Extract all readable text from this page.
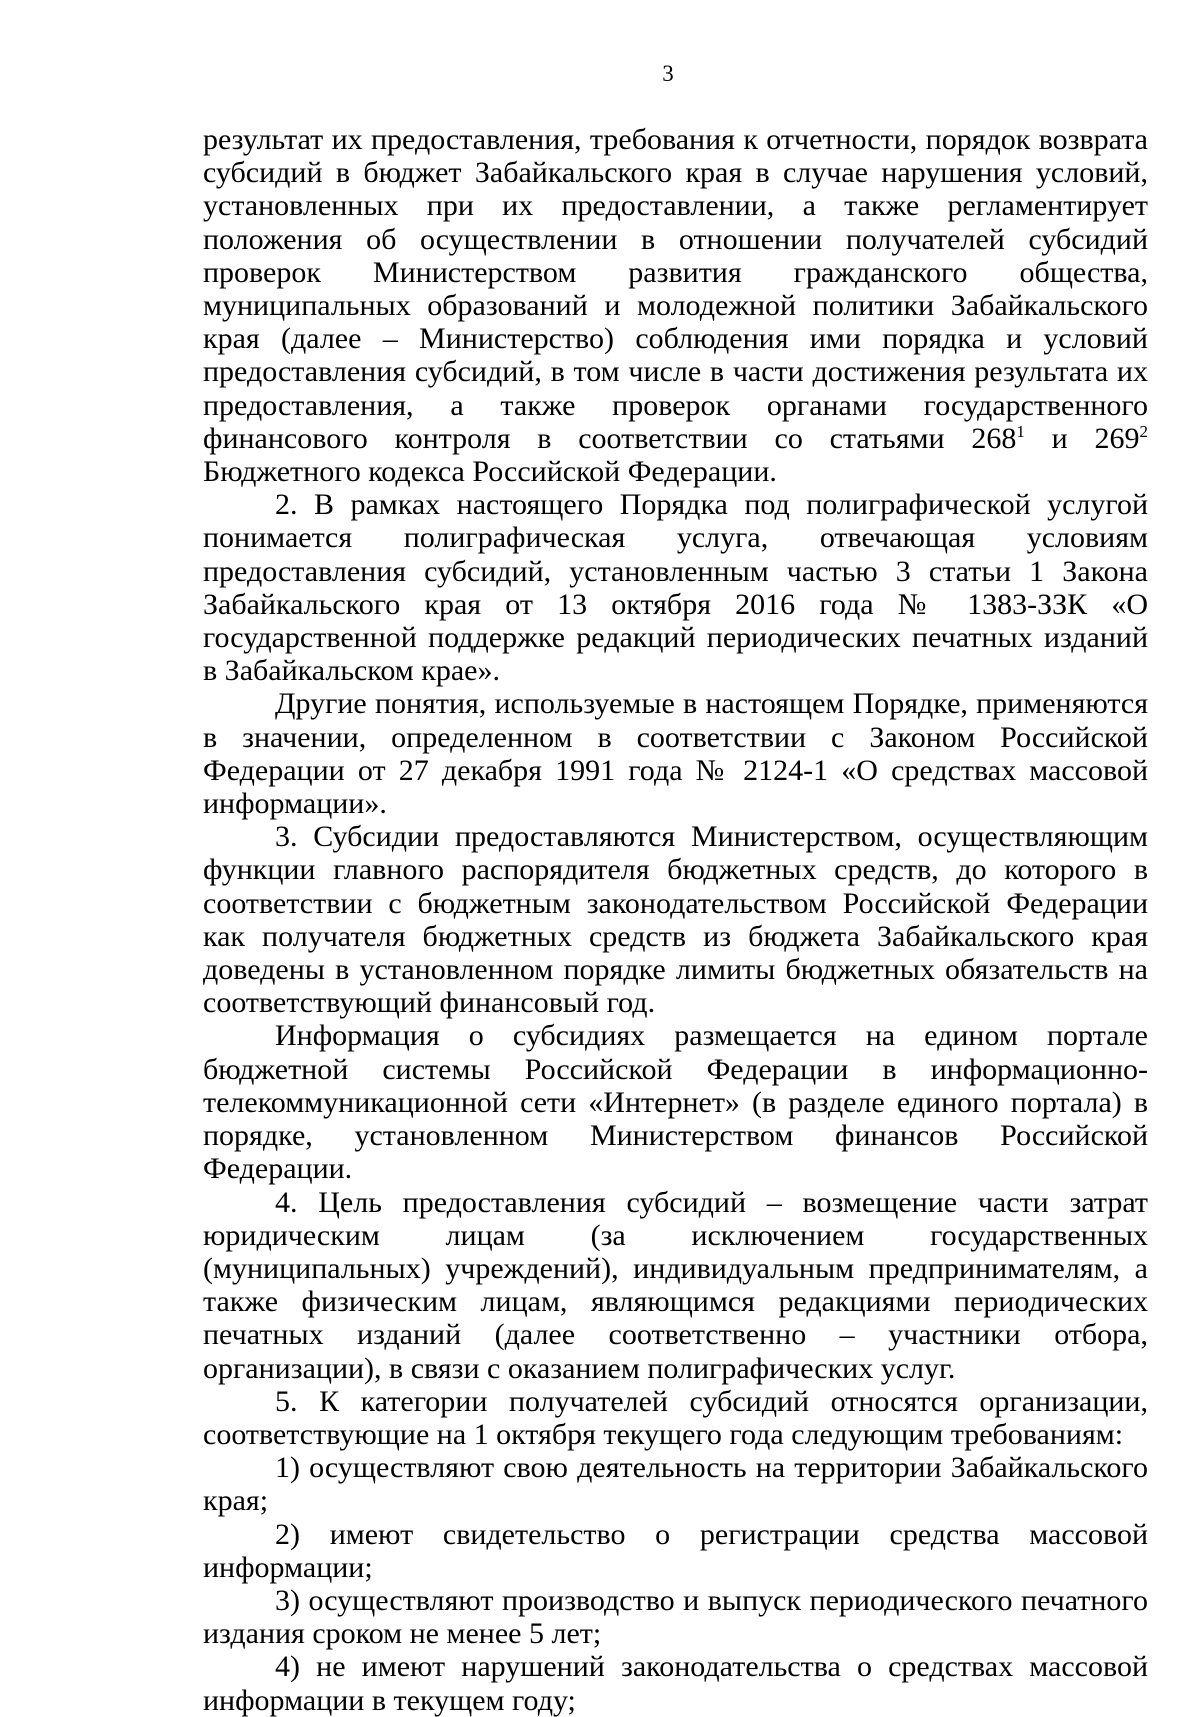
3

результат их предоставления, требования к отчетности, порядок возврата субсидий в бюджет Забайкальского края в случае нарушения условий, установленных при их предоставлении, а также регламентирует положения об осуществлении в отношении получателей субсидий проверок Министерством развития гражданского общества, муниципальных образований и молодежной политики Забайкальского края (далее – Министерство) соблюдения ими порядка и условий предоставления субсидий, в том числе в части достижения результата их предоставления, а также проверок органами государственного финансового контроля в соответствии со статьями $268^1$ и $269^2$ Бюджетного кодекса Российской Федерации.

2. В рамках настоящего Порядка под полиграфической услугой понимается полиграфическая услуга, отвечающая условиям предоставления субсидий, установленным частью 3 статьи 1 Закона Забайкальского края от 13 октября 2016 года № 1383-ЗЗК «О государственной поддержке редакций периодических печатных изданий в Забайкальском крае».

Другие понятия, используемые в настоящем Порядке, применяются в значении, определенном в соответствии с Законом Российской Федерации от 27 декабря 1991 года № 2124-1 «О средствах массовой информации».

3. Субсидии предоставляются Министерством, осуществляющим функции главного распорядителя бюджетных средств, до которого в соответствии с бюджетным законодательством Российской Федерации как получателя бюджетных средств из бюджета Забайкальского края доведены в установленном порядке лимиты бюджетных обязательств на соответствующий финансовый год.

Информация о субсидиях размещается на едином портале бюджетной системы Российской Федерации в информационно-телекоммуникационной сети «Интернет» (в разделе единого портала) в порядке, установленном Министерством финансов Российской Федерации.

4. Цель предоставления субсидий – возмещение части затрат юридическим лицам (за исключением государственных (муниципальных) учреждений), индивидуальным предпринимателям, а также физическим лицам, являющимся редакциями периодических печатных изданий (далее соответственно – участники отбора, организации), в связи с оказанием полиграфических услуг.

5. К категории получателей субсидий относятся организации, соответствующие на 1 октября текущего года следующим требованиям:

1) осуществляют свою деятельность на территории Забайкальского края;

2) имеют свидетельство о регистрации средства массовой информации;

3) осуществляют производство и выпуск периодического печатного издания сроком не менее 5 лет;

4) не имеют нарушений законодательства о средствах массовой информации в текущем году;
